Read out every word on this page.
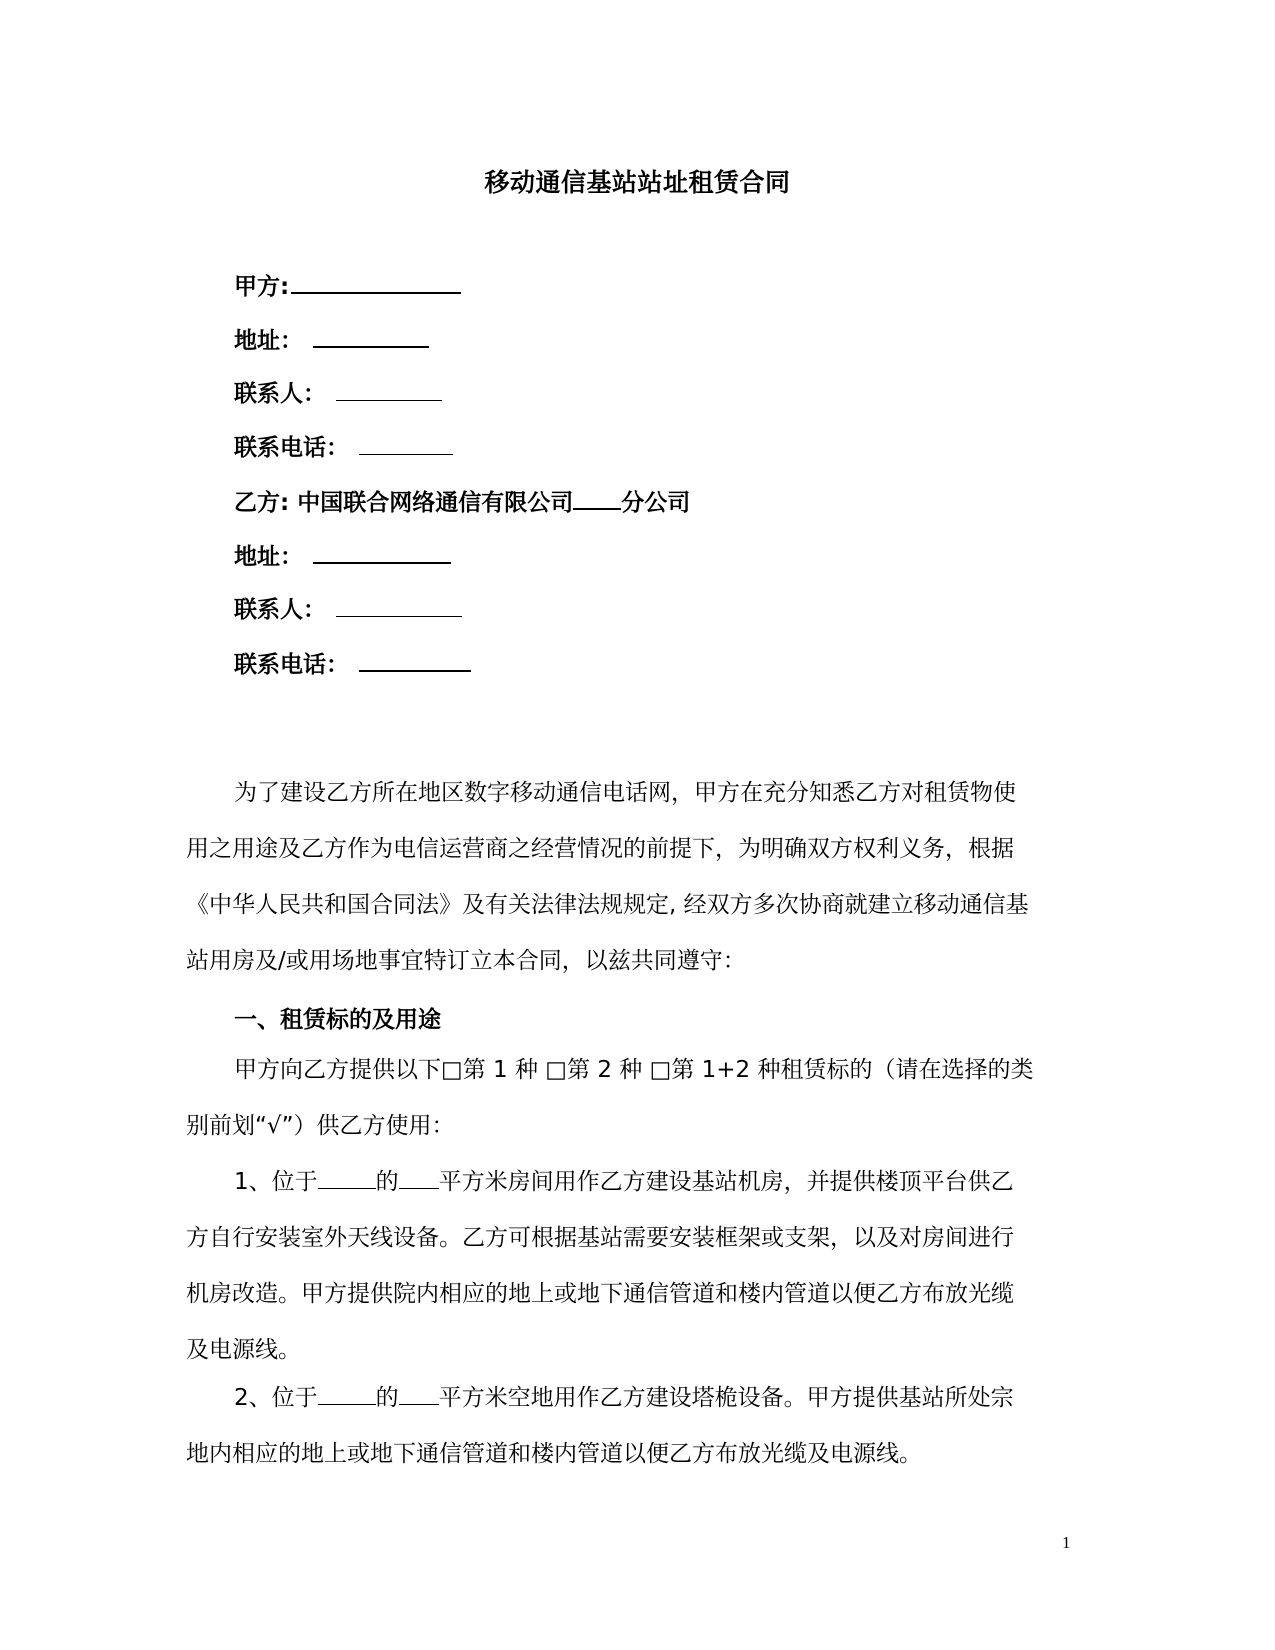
移动通信基站站址租赁合同
甲方:
地址：
联系人：
联系电话：
乙方: 中国联合网络通信有限公司 分公司
地址：
联系人：
联系电话：
为了建设乙方所在地区数字移动通信电话网，甲方在充分知悉乙方对租赁物使
用之用途及乙方作为电信运营商之经营情况的前提下，为明确双方权利义务，根据
《中华人民共和国合同法》及有关法律法规规定, 经双方多次协商就建立移动通信基
站用房及/或用场地事宜特订立本合同，以兹共同遵守：
一、租赁标的及用途
甲方向乙方提供以下□第 1 种 □第 2 种 □第 1+2 种租赁标的（请在选择的类
别前划“√”）供乙方使用：
1、位于	的 平方米房间用作乙方建设基站机房，并提供楼顶平台供乙
方自行安装室外天线设备。乙方可根据基站需要安装框架或支架，以及对房间进行
机房改造。甲方提供院内相应的地上或地下通信管道和楼内管道以便乙方布放光缆
及电源线。
2、位于	的 平方米空地用作乙方建设塔桅设备。甲方提供基站所处宗
地内相应的地上或地下通信管道和楼内管道以便乙方布放光缆及电源线。
1
